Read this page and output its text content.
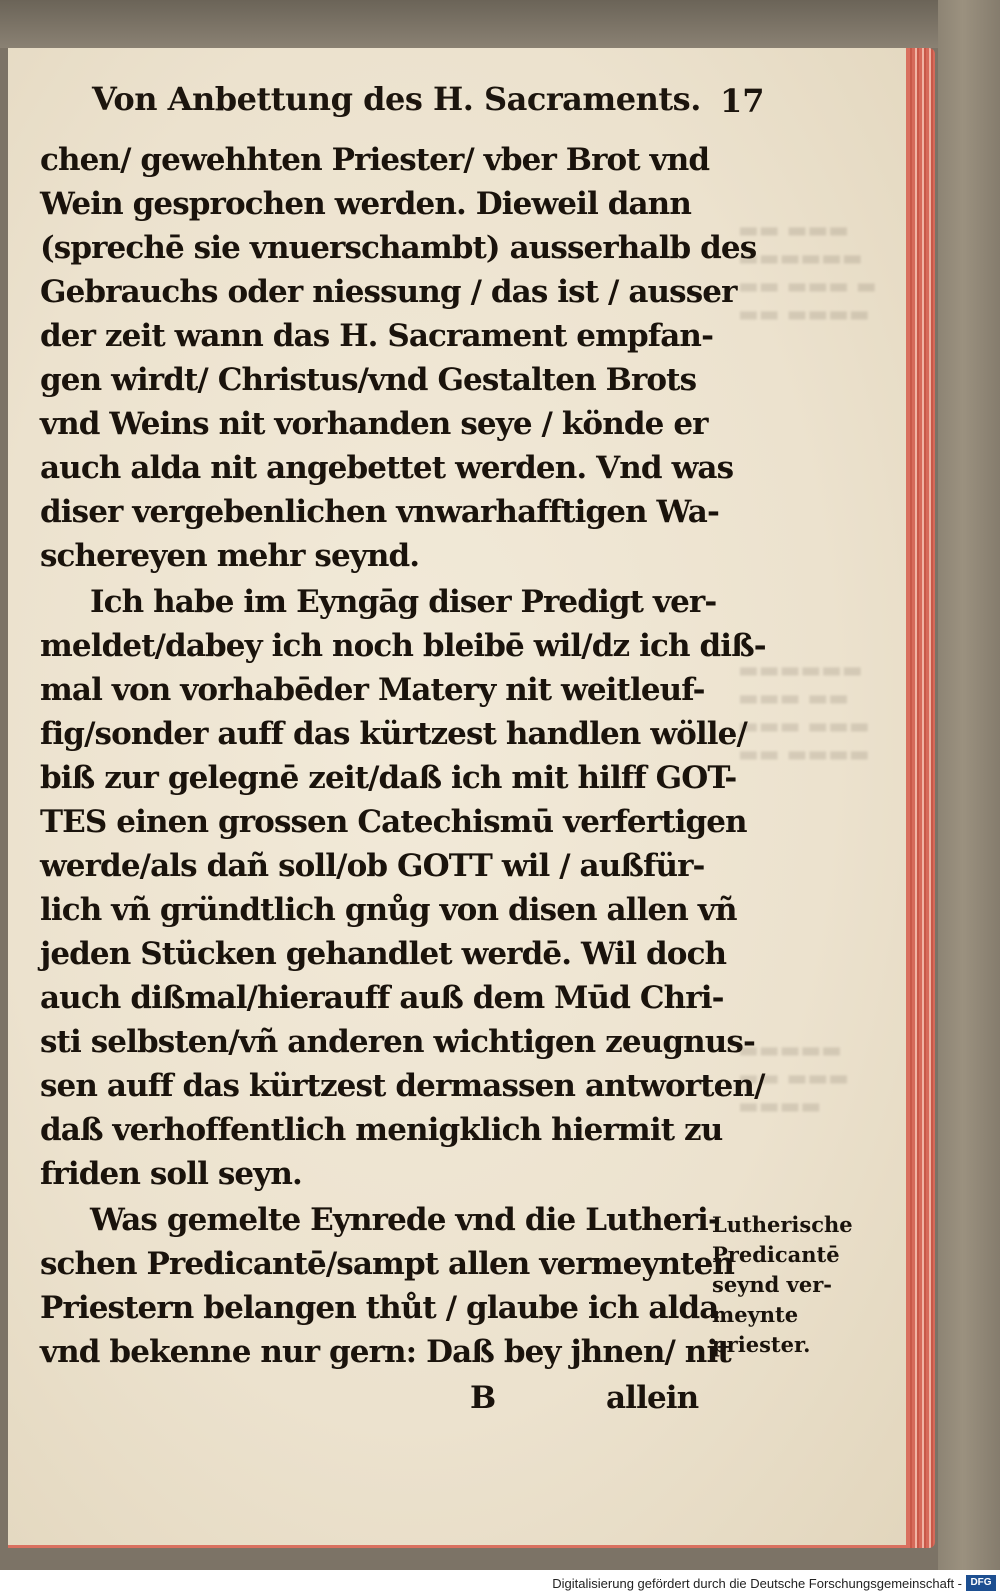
▬▬ ▬▬▬
▬▬▬▬▬▬
▬▬ ▬▬▬ ▬
▬▬ ▬▬▬▬
▬▬▬▬▬▬
▬▬▬ ▬▬
▬▬▬ ▬▬▬
▬▬ ▬▬▬▬
▬▬▬▬▬
▬▬ ▬▬▬
▬▬▬▬
Von Anbettung des H. Sacraments. 17
chen/ gewehhten Priester/ vber Brot vnd
Wein gesprochen werden. Dieweil dann
(sprechē sie vnuerschambt) ausserhalb des
Gebrauchs oder niessung / das ist / ausser
der zeit wann das H. Sacrament empfan-
gen wirdt/ Christus/vnd Gestalten Brots
vnd Weins nit vorhanden seye / könde er
auch alda nit angebettet werden. Vnd was
diser vergebenlichen vnwarhafftigen Wa-
schereyen mehr seynd.
Ich habe im Eyngāg diser Predigt ver-
meldet/dabey ich noch bleibē wil/dz ich diß-
mal von vorhabēder Matery nit weitleuf-
fig/sonder auff das kürtzest handlen wölle/
biß zur gelegnē zeit/daß ich mit hilff GOT-
TES einen grossen Catechismū verfertigen
werde/als dañ soll/ob GOTT wil / außfür-
lich vñ gründtlich gnůg von disen allen vñ
jeden Stücken gehandlet werdē. Wil doch
auch dißmal/hierauff auß dem Mūd Chri-
sti selbsten/vñ anderen wichtigen zeugnus-
sen auff das kürtzest dermassen antworten/
daß verhoffentlich menigklich hiermit zu
friden soll seyn.
Was gemelte Eynrede vnd die Lutheri-
schen Predicantē/sampt allen vermeynten
Priestern belangen thůt / glaube ich alda
vnd bekenne nur gern: Daß bey jhnen/ nit
B	allein
Lutherische
Predicantē
seynd ver-
meynte
priester.
Digitalisierung gefördert durch die Deutsche Forschungsgemeinschaft - DFG
